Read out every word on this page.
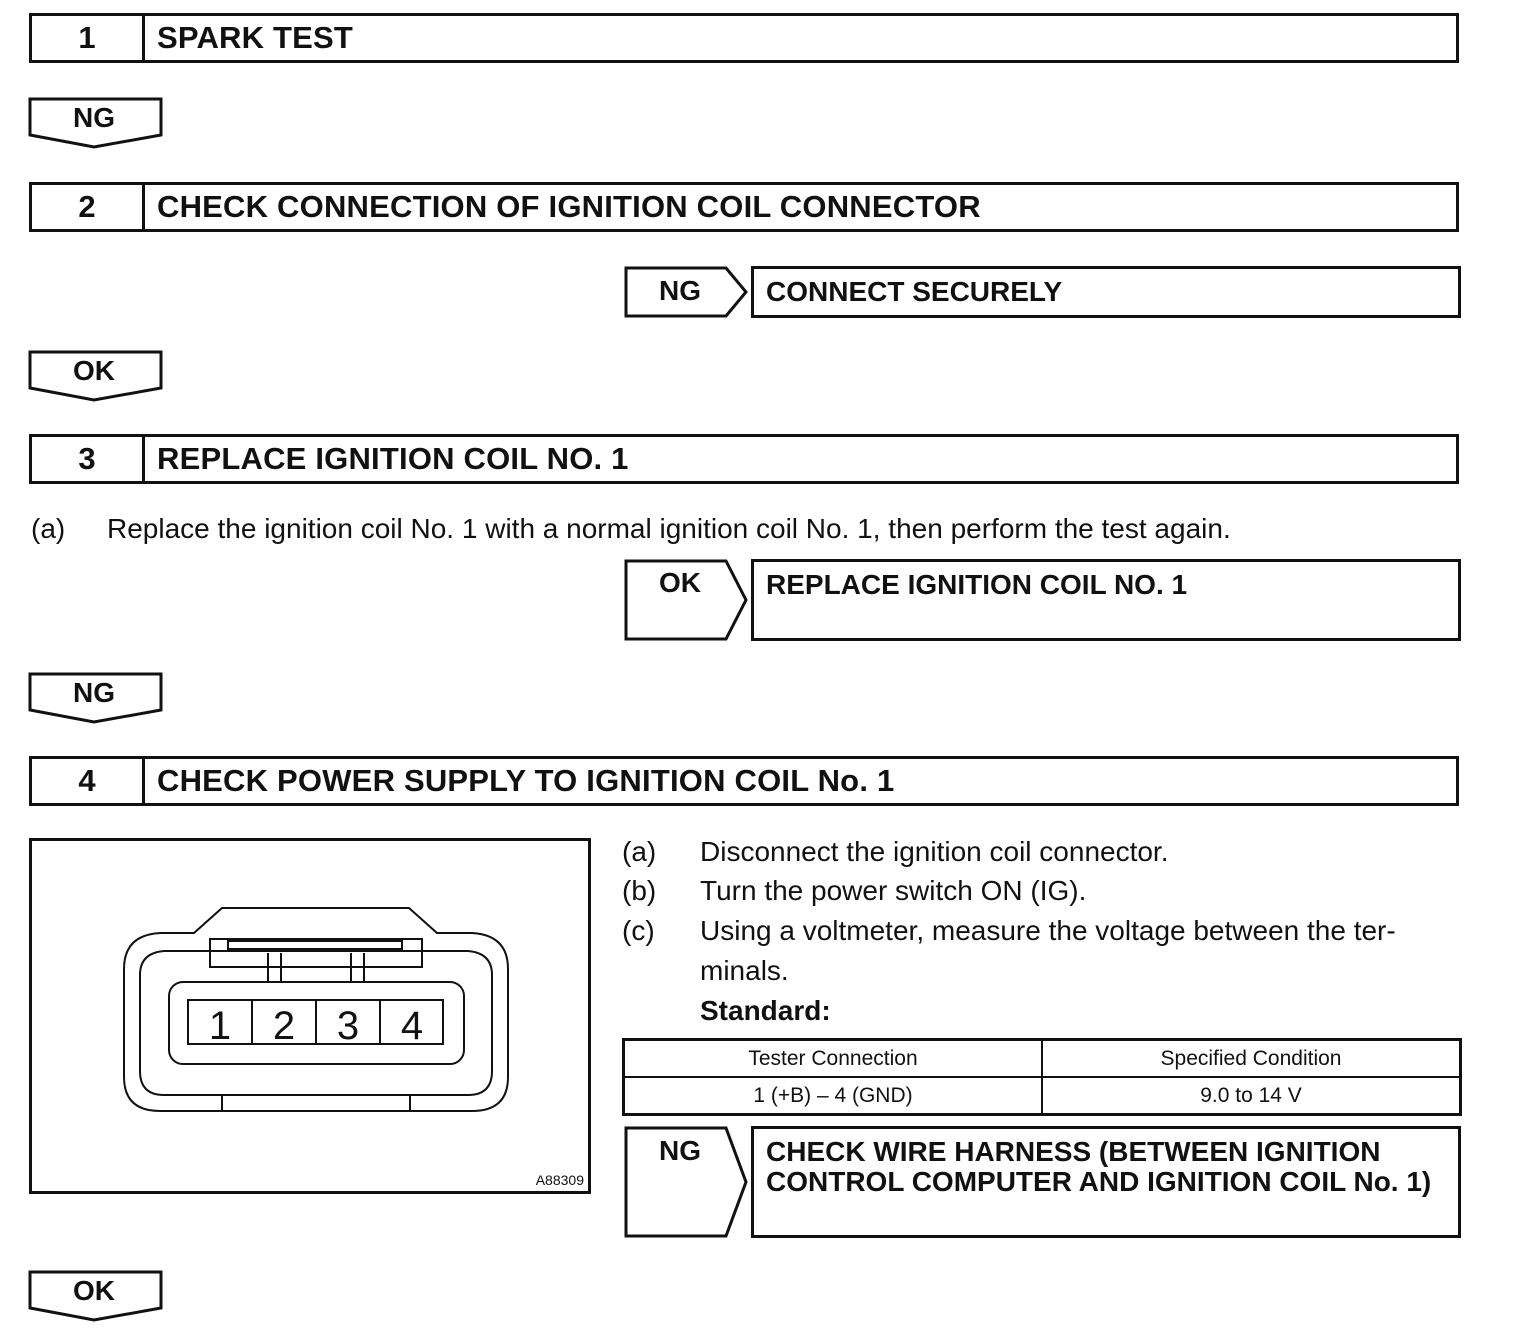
1	SPARK TEST
NG
2	CHECK CONNECTION OF IGNITION COIL CONNECTOR
NG	CONNECT SECURELY
OK
3	REPLACE IGNITION COIL NO. 1
(a) Replace the ignition coil No. 1 with a normal ignition coil No. 1, then perform the test again.
OK	REPLACE IGNITION COIL NO. 1
NG
4	CHECK POWER SUPPLY TO IGNITION COIL No. 1
1 2 3 4
A88309
(a) Disconnect the ignition coil connector.
(b) Turn the power switch ON (IG).
(c) Using a voltmeter, measure the voltage between the ter-
minals.
Standard:
Tester Connection	Specified Condition
1 (+B) – 4 (GND)	9.0 to 14 V
NG	CHECK WIRE HARNESS (BETWEEN IGNITION CONTROL COMPUTER AND IGNITION COIL No. 1)
OK
